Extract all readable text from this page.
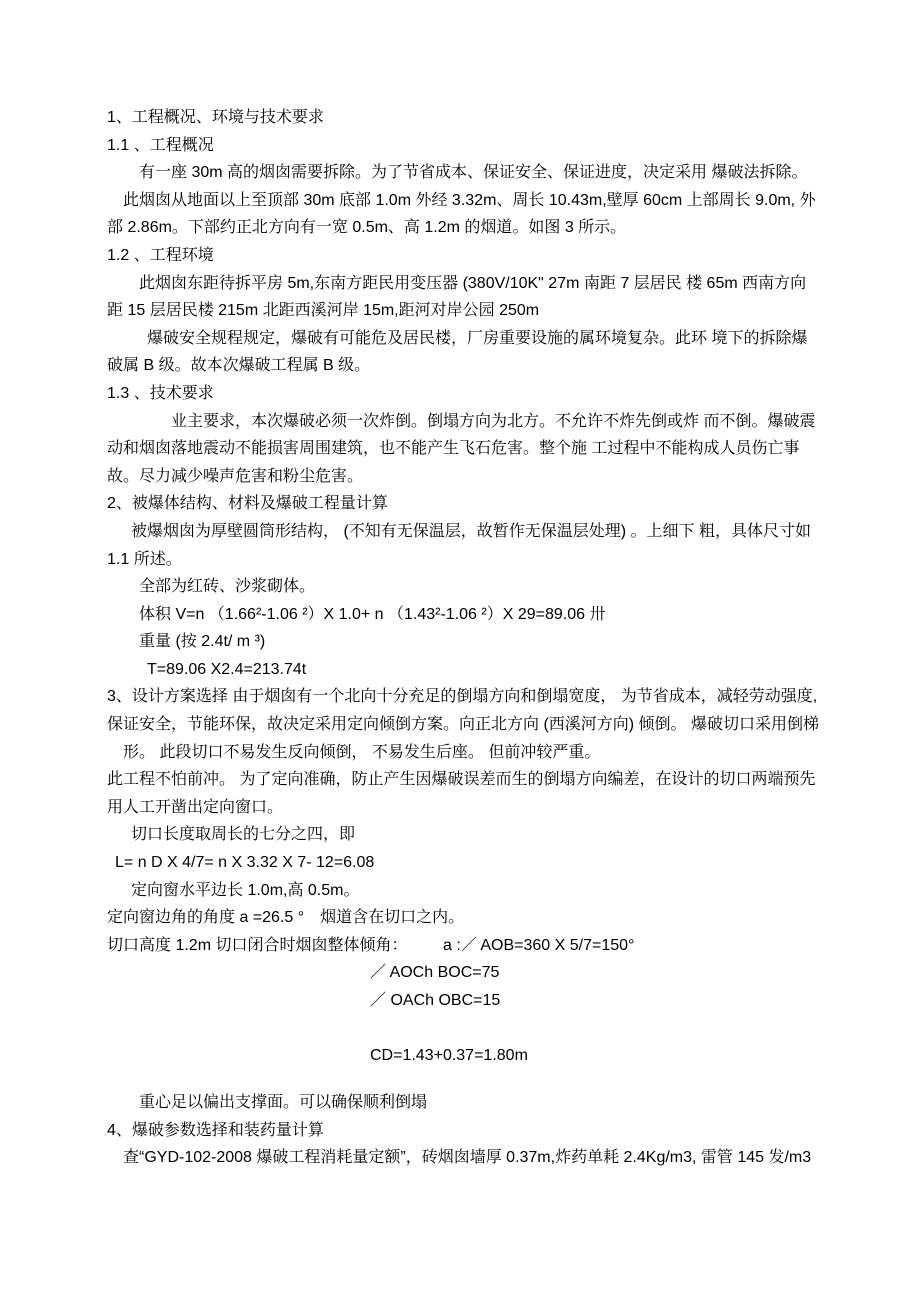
1、工程概况、环境与技术要求

1.1 、工程概况

有一座 30m 高的烟囱需要拆除。为了节省成本、保证安全、保证进度，决定采用 爆破法拆除。

此烟囱从地面以上至顶部 30m 底部 1.0m 外经 3.32m、周长 10.43m,壁厚 60cm 上部周长 9.0m, 外部 2.86m。下部约正北方向有一宽 0.5m、高 1.2m 的烟道。如图 3 所示。

1.2 、工程环境

此烟囱东距待拆平房 5m,东南方距民用变压器 (380V/10K" 27m 南距 7 层居民 楼 65m 西南方向距 15 层居民楼 215m 北距西溪河岸 15m,距河对岸公园 250m

爆破安全规程规定，爆破有可能危及居民楼，厂房重要设施的属环境复杂。此环 境下的拆除爆破属 B 级。故本次爆破工程属 B 级。

1.3 、技术要求

业主要求，本次爆破必须一次炸倒。倒塌方向为北方。不允许不炸先倒或炸 而不倒。爆破震动和烟囱落地震动不能损害周围建筑，也不能产生飞石危害。整个施 工过程中不能构成人员伤亡事故。尽力减少噪声危害和粉尘危害。

2、被爆体结构、材料及爆破工程量计算

被爆烟囱为厚壁圆筒形结构， (不知有无保温层，故暂作无保温层处理) 。上细下 粗，具体尺寸如 1.1 所述。

全部为红砖、沙浆砌体。

体积 V=n （1.66²-1.06 ²）X 1.0+ n （1.43²-1.06 ²）X 29=89.06 卅

重量 (按 2.4t/ m ³)

T=89.06 X2.4=213.74t

3、设计方案选择 由于烟囱有一个北向十分充足的倒塌方向和倒塌宽度， 为节省成本，减轻劳动强度,

保证安全，节能环保，故决定采用定向倾倒方案。向正北方向 (西溪河方向) 倾倒。 爆破切口采用倒梯形。 此段切口不易发生反向倾倒， 不易发生后座。 但前冲较严重。

此工程不怕前冲。 为了定向准确，防止产生因爆破误差而生的倒塌方向编差，在设计的切口两端预先 用人工开凿出定向窗口。

切口长度取周长的七分之四，即

L= n D X 4/7= n X 3.32 X 7- 12=6.08

定向窗水平边长 1.0m,高 0.5m。

定向窗边角的角度 a =26.5 °　烟道含在切口之内。

切口高度 1.2m 切口闭合时烟囱整体倾角：        a :／ AOB=360 X 5/7=150°

／ AOCh BOC=75

／ OACh OBC=15

CD=1.43+0.37=1.80m

重心足以偏出支撑面。可以确保顺利倒塌

4、爆破参数选择和装药量计算

查“GYD-102-2008 爆破工程消耗量定额”，砖烟囱墙厚 0.37m,炸药单耗 2.4Kg/m3, 雷管 145 发/m3
